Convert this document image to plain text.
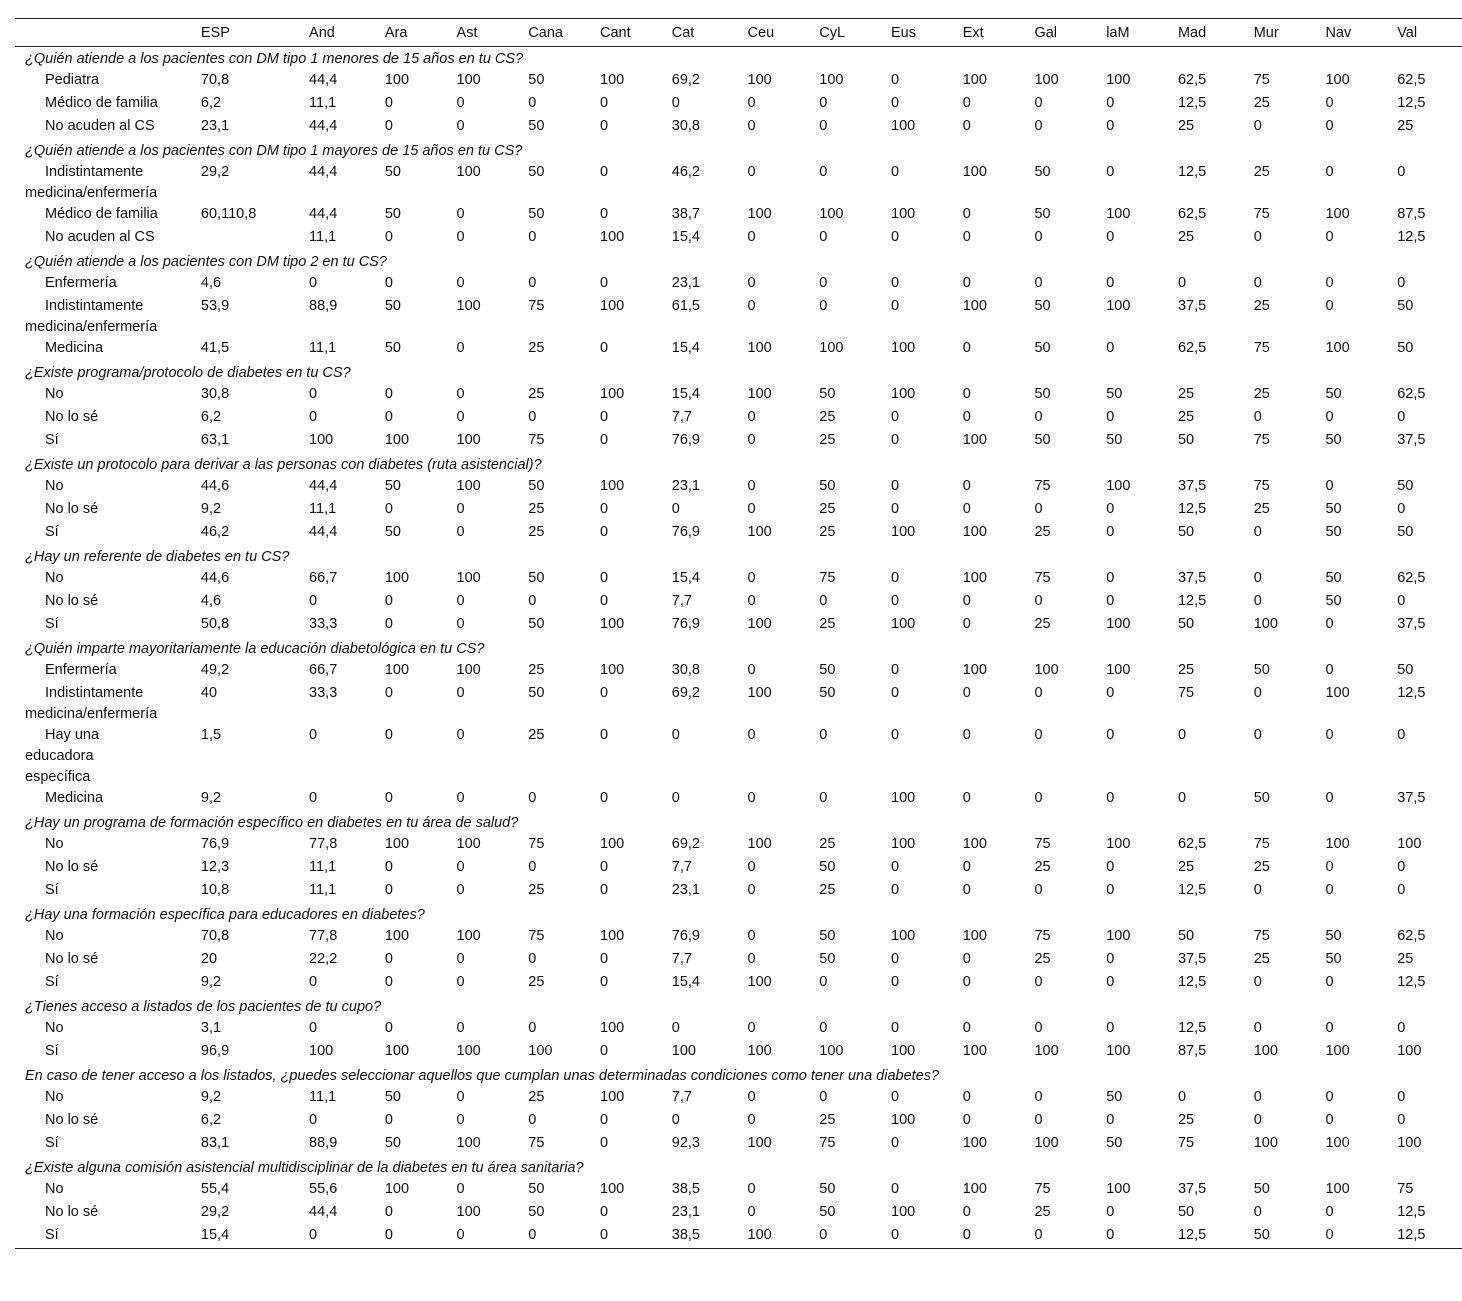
	ESP	And	Ara	Ast	Cana	Cant	Cat	Ceu	CyL	Eus	Ext	Gal	laM	Mad	Mur	Nav	Val
¿Quién atiende a los pacientes con DM tipo 1 menores de 15 años en tu CS?																	
Pediatra	70,8	44,4	100	100	50	100	69,2	100	100	0	100	100	100	62,5	75	100	62,5
Médico de familia	6,2	11,1	0	0	0	0	0	0	0	0	0	0	0	12,5	25	0	12,5
No acuden al CS	23,1	44,4	0	0	50	0	30,8	0	0	100	0	0	0	25	0	0	25
¿Quién atiende a los pacientes con DM tipo 1 mayores de 15 años en tu CS?																	
Indistintamente
medicina/enfermería	29,2	44,4	50	100	50	0	46,2	0	0	0	100	50	0	12,5	25	0	0
Médico de familia	60,110,8	44,4	50	0	50	0	38,7	100	100	100	0	50	100	62,5	75	100	87,5
No acuden al CS		11,1	0	0	0	100	15,4	0	0	0	0	0	0	25	0	0	12,5
¿Quién atiende a los pacientes con DM tipo 2 en tu CS?																	
Enfermería	4,6	0	0	0	0	0	23,1	0	0	0	0	0	0	0	0	0	0
Indistintamente
medicina/enfermería	53,9	88,9	50	100	75	100	61,5	0	0	0	100	50	100	37,5	25	0	50
Medicina	41,5	11,1	50	0	25	0	15,4	100	100	100	0	50	0	62,5	75	100	50
¿Existe programa/protocolo de diabetes en tu CS?																	
No	30,8	0	0	0	25	100	15,4	100	50	100	0	50	50	25	25	50	62,5
No lo sé	6,2	0	0	0	0	0	7,7	0	25	0	0	0	0	25	0	0	0
Sí	63,1	100	100	100	75	0	76,9	0	25	0	100	50	50	50	75	50	37,5
¿Existe un protocolo para derivar a las personas con diabetes (ruta asistencial)?																	
No	44,6	44,4	50	100	50	100	23,1	0	50	0	0	75	100	37,5	75	0	50
No lo sé	9,2	11,1	0	0	25	0	0	0	25	0	0	0	0	12,5	25	50	0
Sí	46,2	44,4	50	0	25	0	76,9	100	25	100	100	25	0	50	0	50	50
¿Hay un referente de diabetes en tu CS?																	
No	44,6	66,7	100	100	50	0	15,4	0	75	0	100	75	0	37,5	0	50	62,5
No lo sé	4,6	0	0	0	0	0	7,7	0	0	0	0	0	0	12,5	0	50	0
Sí	50,8	33,3	0	0	50	100	76,9	100	25	100	0	25	100	50	100	0	37,5
¿Quién imparte mayoritariamente la educación diabetológica en tu CS?																	
Enfermería	49,2	66,7	100	100	25	100	30,8	0	50	0	100	100	100	25	50	0	50
Indistintamente
medicina/enfermería	40	33,3	0	0	50	0	69,2	100	50	0	0	0	0	75	0	100	12,5
Hay una
educadora
específica	1,5	0	0	0	25	0	0	0	0	0	0	0	0	0	0	0	0
Medicina	9,2	0	0	0	0	0	0	0	0	100	0	0	0	0	50	0	37,5
¿Hay un programa de formación específico en diabetes en tu área de salud?																	
No	76,9	77,8	100	100	75	100	69,2	100	25	100	100	75	100	62,5	75	100	100
No lo sé	12,3	11,1	0	0	0	0	7,7	0	50	0	0	25	0	25	25	0	0
Sí	10,8	11,1	0	0	25	0	23,1	0	25	0	0	0	0	12,5	0	0	0
¿Hay una formación específica para educadores en diabetes?																	
No	70,8	77,8	100	100	75	100	76,9	0	50	100	100	75	100	50	75	50	62,5
No lo sé	20	22,2	0	0	0	0	7,7	0	50	0	0	25	0	37,5	25	50	25
Sí	9,2	0	0	0	25	0	15,4	100	0	0	0	0	0	12,5	0	0	12,5
¿Tienes acceso a listados de los pacientes de tu cupo?																	
No	3,1	0	0	0	0	100	0	0	0	0	0	0	0	12,5	0	0	0
Sí	96,9	100	100	100	100	0	100	100	100	100	100	100	100	87,5	100	100	100
En caso de tener acceso a los listados, ¿puedes seleccionar aquellos que cumplan unas determinadas condiciones como tener una diabetes?																	
No	9,2	11,1	50	0	25	100	7,7	0	0	0	0	0	50	0	0	0	0
No lo sé	6,2	0	0	0	0	0	0	0	25	100	0	0	0	25	0	0	0
Sí	83,1	88,9	50	100	75	0	92,3	100	75	0	100	100	50	75	100	100	100
¿Existe alguna comisión asistencial multidisciplinar de la diabetes en tu área sanitaria?																	
No	55,4	55,6	100	0	50	100	38,5	0	50	0	100	75	100	37,5	50	100	75
No lo sé	29,2	44,4	0	100	50	0	23,1	0	50	100	0	25	0	50	0	0	12,5
Sí	15,4	0	0	0	0	0	38,5	100	0	0	0	0	0	12,5	50	0	12,5
